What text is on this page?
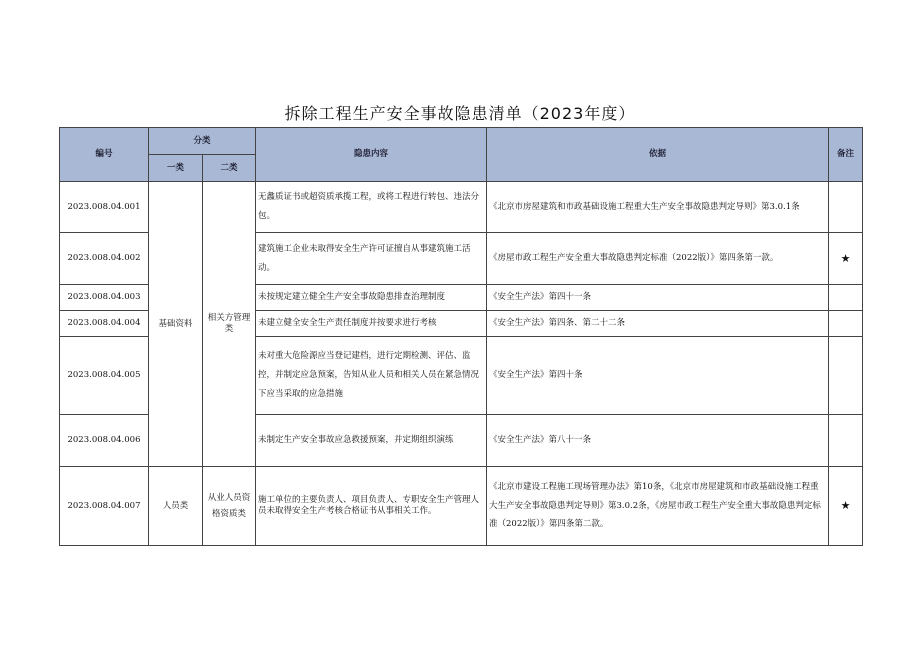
拆除工程生产安全事故隐患清单（2023年度）
编号	分类		隐患内容	依据	备注
	一类	二类			
2023.008.04.001	基础资料	相关方管理类	无蠡质证书或超资质承揽工程，或将工程进行转包、违法分包。	《北京市房屋建筑和市政基础设施工程重大生产安全事故隐患判定导则》第3.0.1条	
2023.008.04.002			建筑施工企业未取得安全生产许可证擅自从事建筑施工活动。	《房屋市政工程生产安全重大事故隐患判定标准（2022版）》第四条第一款。	★
2023.008.04.003			未按规定建立健全生产安全事故隐患排查治理制度	《安全生产法》第四十一条	
2023.008.04.004			未建立健全安全生产责任制度并按要求进行考核	《安全生产法》第四条、第二十二条	
2023.008.04.005			未对重大危险源应当登记建档，进行定期检测、评估、监控，并制定应急预案，告知从业人员和相关人员在紧急情况下应当采取的应急措施	《安全生产法》第四十条	
2023.008.04.006			未制定生产安全事故应急救援预案，并定期组织演练	《安全生产法》第八十一条	
2023.008.04.007	人员类	从业人员资格资质类	施工单位的主要负责人、项目负责人、专职安全生产管理人员未取得安全生产考核合格证书从事相关工作。	《北京市建设工程施工现场管理办法》第10条，《北京市房屋建筑和市政基础设施工程重大生产安全事故隐患判定导则》第3.0.2条，《房屋市政工程生产安全重大事故隐患判定标准（2022版）》第四条第二款。	★
